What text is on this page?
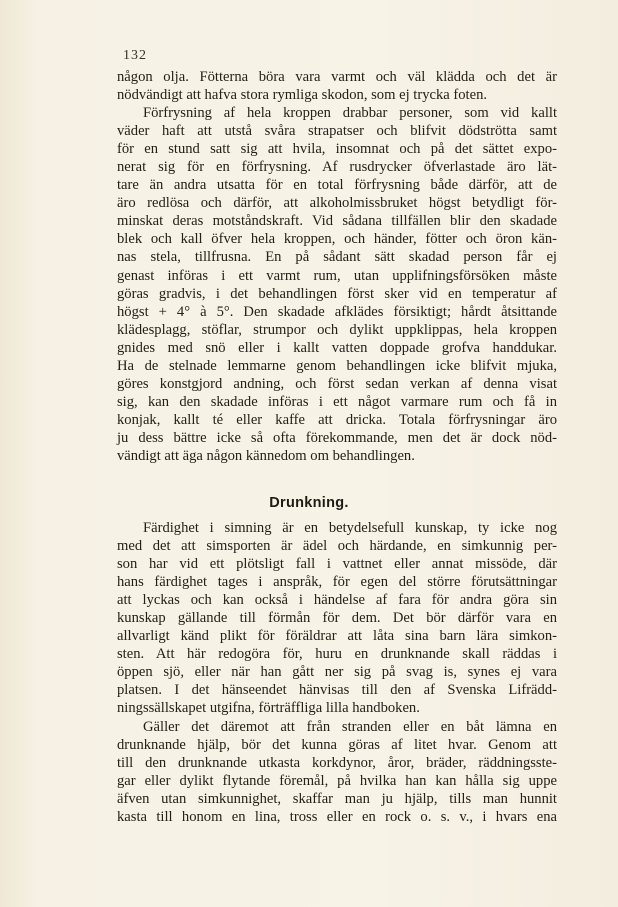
132
någon olja. Fötterna böra vara varmt och väl klädda och det är
nödvändigt att hafva stora rymliga skodon, som ej trycka foten.
Förfrysning af hela kroppen drabbar personer, som vid kallt
väder haft att utstå svåra strapatser och blifvit dödströtta samt
för en stund satt sig att hvila, insomnat och på det sättet expo-
nerat sig för en förfrysning. Af rusdrycker öfverlastade äro lät-
tare än andra utsatta för en total förfrysning både därför, att de
äro redlösa och därför, att alkoholmissbruket högst betydligt för-
minskat deras motståndskraft. Vid sådana tillfällen blir den skadade
blek och kall öfver hela kroppen, och händer, fötter och öron kän-
nas stela, tillfrusna. En på sådant sätt skadad person får ej
genast införas i ett varmt rum, utan upplifningsförsöken måste
göras gradvis, i det behandlingen först sker vid en temperatur af
högst + 4° à 5°. Den skadade afklädes försiktigt; hårdt åtsittande
klädesplagg, stöflar, strumpor och dylikt uppklippas, hela kroppen
gnides med snö eller i kallt vatten doppade grofva handdukar.
Ha de stelnade lemmarne genom behandlingen icke blifvit mjuka,
göres konstgjord andning, och först sedan verkan af denna visat
sig, kan den skadade införas i ett något varmare rum och få in
konjak, kallt té eller kaffe att dricka. Totala förfrysningar äro
ju dess bättre icke så ofta förekommande, men det är dock nöd-
vändigt att äga någon kännedom om behandlingen.
Drunkning.
Färdighet i simning är en betydelsefull kunskap, ty icke nog
med det att simsporten är ädel och härdande, en simkunnig per-
son har vid ett plötsligt fall i vattnet eller annat missöde, där
hans färdighet tages i anspråk, för egen del större förutsättningar
att lyckas och kan också i händelse af fara för andra göra sin
kunskap gällande till förmån för dem. Det bör därför vara en
allvarligt känd plikt för föräldrar att låta sina barn lära simkon-
sten. Att här redogöra för, huru en drunknande skall räddas i
öppen sjö, eller när han gått ner sig på svag is, synes ej vara
platsen. I det hänseendet hänvisas till den af Svenska Lifrädd-
ningssällskapet utgifna, förträffliga lilla handboken.
Gäller det däremot att från stranden eller en båt lämna en
drunknande hjälp, bör det kunna göras af litet hvar. Genom att
till den drunknande utkasta korkdynor, åror, bräder, räddningsste-
gar eller dylikt flytande föremål, på hvilka han kan hålla sig uppe
äfven utan simkunnighet, skaffar man ju hjälp, tills man hunnit
kasta till honom en lina, tross eller en rock o. s. v., i hvars ena
